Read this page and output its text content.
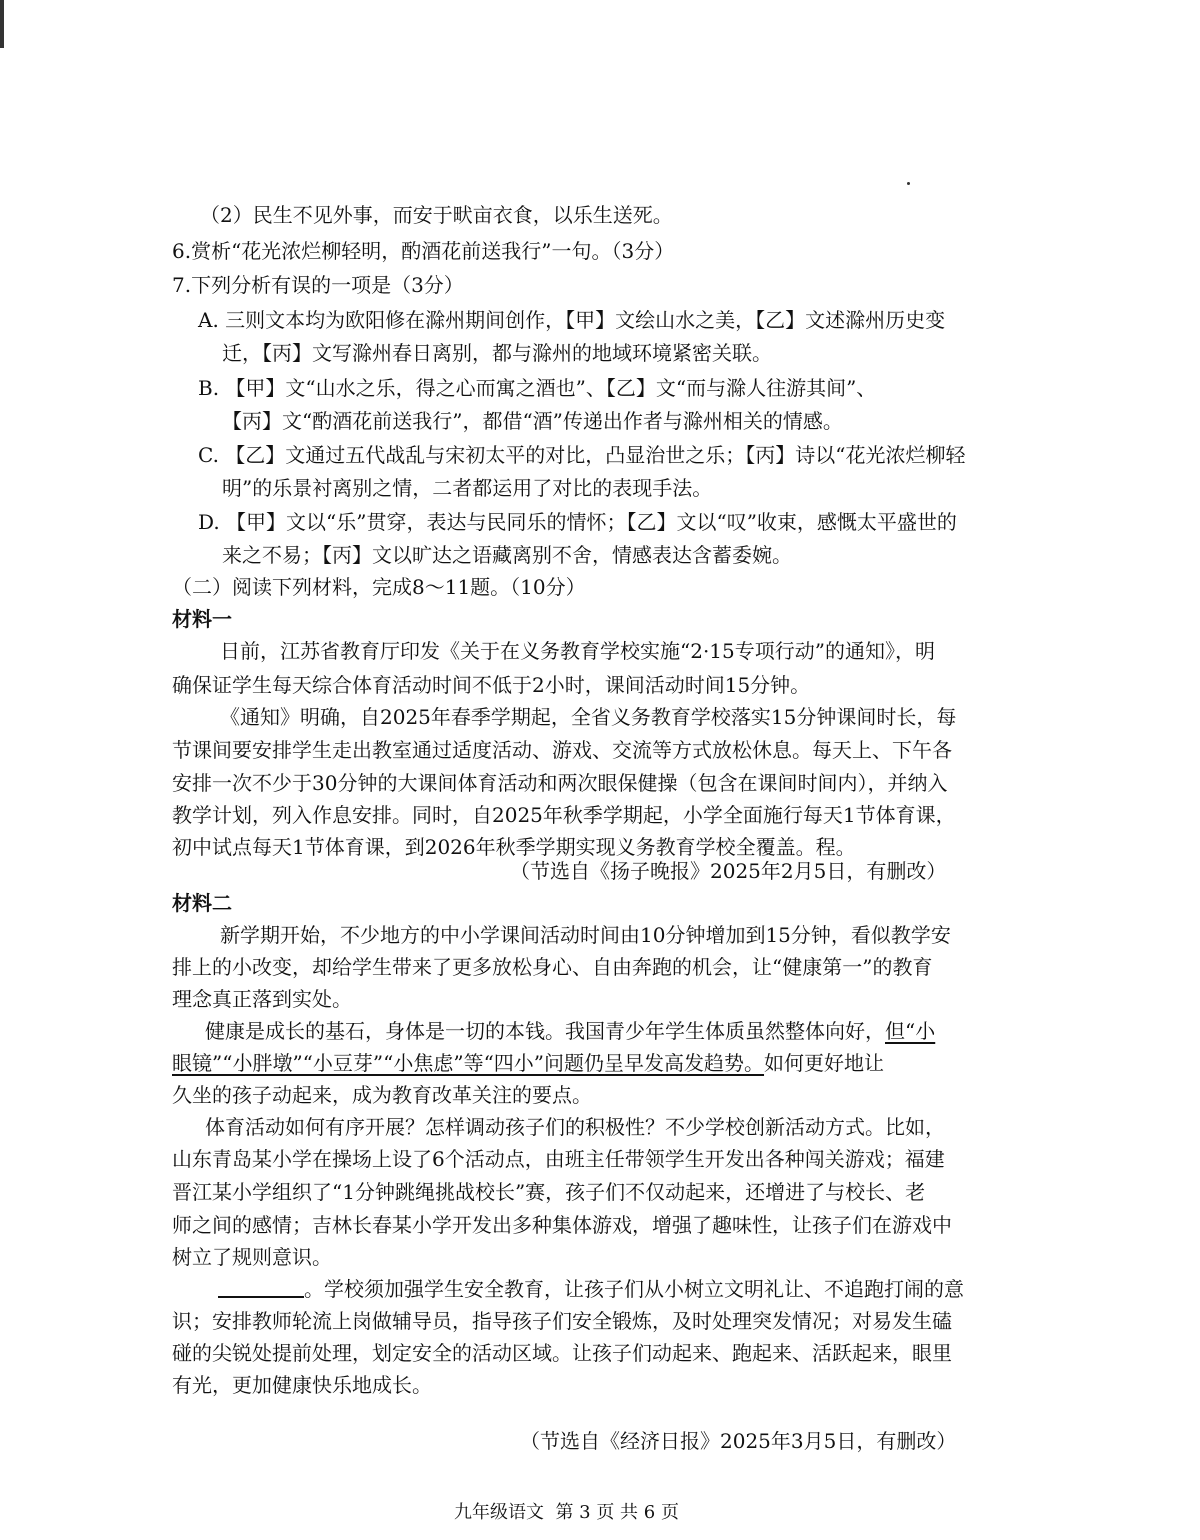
（2）民生不见外事，而安于畎亩衣食，以乐生送死。
6.赏析“花光浓烂柳轻明，酌酒花前送我行”一句。（3分）
7.下列分析有误的一项是（3分）
A. 三则文本均为欧阳修在滁州期间创作，【甲】文绘山水之美，【乙】文述滁州历史变
迁，【丙】文写滁州春日离别，都与滁州的地域环境紧密关联。
B. 【甲】文“山水之乐，得之心而寓之酒也”、【乙】文“而与滁人往游其间”、
【丙】文“酌酒花前送我行”，都借“酒”传递出作者与滁州相关的情感。
C. 【乙】文通过五代战乱与宋初太平的对比，凸显治世之乐；【丙】诗以“花光浓烂柳轻
明”的乐景衬离别之情，二者都运用了对比的表现手法。
D. 【甲】文以“乐”贯穿，表达与民同乐的情怀；【乙】文以“叹”收束，感慨太平盛世的
来之不易；【丙】文以旷达之语藏离别不舍，情感表达含蓄委婉。
（二）阅读下列材料，完成8～11题。（10分）
材料一
日前，江苏省教育厅印发《关于在义务教育学校实施“2·15专项行动”的通知》，明
确保证学生每天综合体育活动时间不低于2小时，课间活动时间15分钟。
《通知》明确，自2025年春季学期起，全省义务教育学校落实15分钟课间时长，每
节课间要安排学生走出教室通过适度活动、游戏、交流等方式放松休息。每天上、下午各
安排一次不少于30分钟的大课间体育活动和两次眼保健操（包含在课间时间内），并纳入
教学计划，列入作息安排。同时，自2025年秋季学期起，小学全面施行每天1节体育课，
初中试点每天1节体育课，到2026年秋季学期实现义务教育学校全覆盖。程。
（节选自《扬子晚报》2025年2月5日，有删改）
材料二
新学期开始，不少地方的中小学课间活动时间由10分钟增加到15分钟，看似教学安
排上的小改变，却给学生带来了更多放松身心、自由奔跑的机会，让“健康第一”的教育
理念真正落到实处。
健康是成长的基石，身体是一切的本钱。我国青少年学生体质虽然整体向好，但“小
眼镜”“小胖墩”“小豆芽”“小焦虑”等“四小”问题仍呈早发高发趋势。如何更好地让
久坐的孩子动起来，成为教育改革关注的要点。
体育活动如何有序开展？怎样调动孩子们的积极性？不少学校创新活动方式。比如，
山东青岛某小学在操场上设了6个活动点，由班主任带领学生开发出各种闯关游戏；福建
晋江某小学组织了“1分钟跳绳挑战校长”赛，孩子们不仅动起来，还增进了与校长、老
师之间的感情；吉林长春某小学开发出多种集体游戏，增强了趣味性，让孩子们在游戏中
树立了规则意识。
。学校须加强学生安全教育，让孩子们从小树立文明礼让、不追跑打闹的意
识；安排教师轮流上岗做辅导员，指导孩子们安全锻炼，及时处理突发情况；对易发生磕
碰的尖锐处提前处理，划定安全的活动区域。让孩子们动起来、跑起来、活跃起来，眼里
有光，更加健康快乐地成长。
（节选自《经济日报》2025年3月5日，有删改）
九年级语文  第 3 页 共 6 页
